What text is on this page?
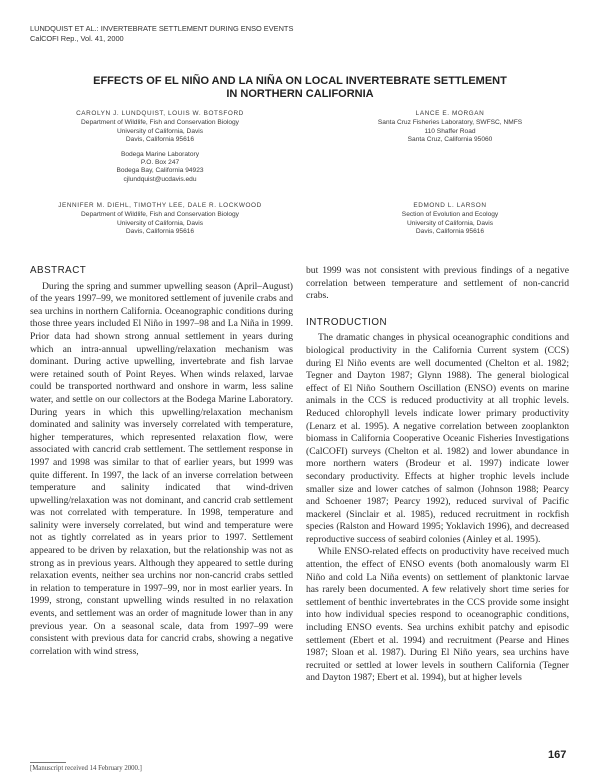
LUNDQUIST ET AL.: INVERTEBRATE SETTLEMENT DURING ENSO EVENTS
CalCOFI Rep., Vol. 41, 2000
EFFECTS OF EL NIÑO AND LA NIÑA ON LOCAL INVERTEBRATE SETTLEMENT
IN NORTHERN CALIFORNIA
CAROLYN J. LUNDQUIST, LOUIS W. BOTSFORD
Department of Wildlife, Fish and Conservation Biology
University of California, Davis
Davis, California 95616
Bodega Marine Laboratory
P.O. Box 247
Bodega Bay, California 94923
cjlundquist@ucdavis.edu
LANCE E. MORGAN
Santa Cruz Fisheries Laboratory, SWFSC, NMFS
110 Shaffer Road
Santa Cruz, California 95060
JENNIFER M. DIEHL, TIMOTHY LEE, DALE R. LOCKWOOD
Department of Wildlife, Fish and Conservation Biology
University of California, Davis
Davis, California 95616
EDMOND L. LARSON
Section of Evolution and Ecology
University of California, Davis
Davis, California 95616
ABSTRACT

During the spring and summer upwelling season (April–August) of the years 1997–99, we monitored settlement of juvenile crabs and sea urchins in northern California. Oceanographic conditions during those three years included El Niño in 1997–98 and La Niña in 1999. Prior data had shown strong annual settlement in years during which an intra-annual upwelling/relaxation mechanism was dominant. During active upwelling, invertebrate and fish larvae were retained south of Point Reyes. When winds relaxed, larvae could be transported northward and onshore in warm, less saline water, and settle on our collectors at the Bodega Marine Laboratory. During years in which this upwelling/relaxation mechanism dominated and salinity was inversely correlated with temperature, higher temperatures, which represented relaxation flow, were associated with cancrid crab settlement. The settlement response in 1997 and 1998 was similar to that of earlier years, but 1999 was quite different. In 1997, the lack of an inverse correlation between temperature and salinity indicated that wind-driven upwelling/relaxation was not dominant, and cancrid crab settlement was not correlated with temperature. In 1998, temperature and salinity were inversely correlated, but wind and temperature were not as tightly correlated as in years prior to 1997. Settlement appeared to be driven by relaxation, but the relationship was not as strong as in previous years. Although they appeared to settle during relaxation events, neither sea urchins nor non-cancrid crabs settled in relation to temperature in 1997–99, nor in most earlier years. In 1999, strong, constant upwelling winds resulted in no relaxation events, and settlement was an order of magnitude lower than in any previous year. On a seasonal scale, data from 1997–99 were consistent with previous data for cancrid crabs, showing a negative correlation with wind stress,

but 1999 was not consistent with previous findings of a negative correlation between temperature and settlement of non-cancrid crabs.

INTRODUCTION

The dramatic changes in physical oceanographic conditions and biological productivity in the California Current system (CCS) during El Niño events are well documented (Chelton et al. 1982; Tegner and Dayton 1987; Glynn 1988). The general biological effect of El Niño Southern Oscillation (ENSO) events on marine animals in the CCS is reduced productivity at all trophic levels. Reduced chlorophyll levels indicate lower primary productivity (Lenarz et al. 1995). A negative correlation between zooplankton biomass in California Cooperative Oceanic Fisheries Investigations (CalCOFI) surveys (Chelton et al. 1982) and lower abundance in more northern waters (Brodeur et al. 1997) indicate lower secondary productivity. Effects at higher trophic levels include smaller size and lower catches of salmon (Johnson 1988; Pearcy and Schoener 1987; Pearcy 1992), reduced survival of Pacific mackerel (Sinclair et al. 1985), reduced recruitment in rockfish species (Ralston and Howard 1995; Yoklavich 1996), and decreased reproductive success of seabird colonies (Ainley et al. 1995).

While ENSO-related effects on productivity have received much attention, the effect of ENSO events (both anomalously warm El Niño and cold La Niña events) on settlement of planktonic larvae has rarely been documented. A few relatively short time series for settlement of benthic invertebrates in the CCS provide some insight into how individual species respond to oceanographic conditions, including ENSO events. Sea urchins exhibit patchy and episodic settlement (Ebert et al. 1994) and recruitment (Pearse and Hines 1987; Sloan et al. 1987). During El Niño years, sea urchins have recruited or settled at lower levels in southern California (Tegner and Dayton 1987; Ebert et al. 1994), but at higher levels

[Manuscript received 14 February 2000.]
167
